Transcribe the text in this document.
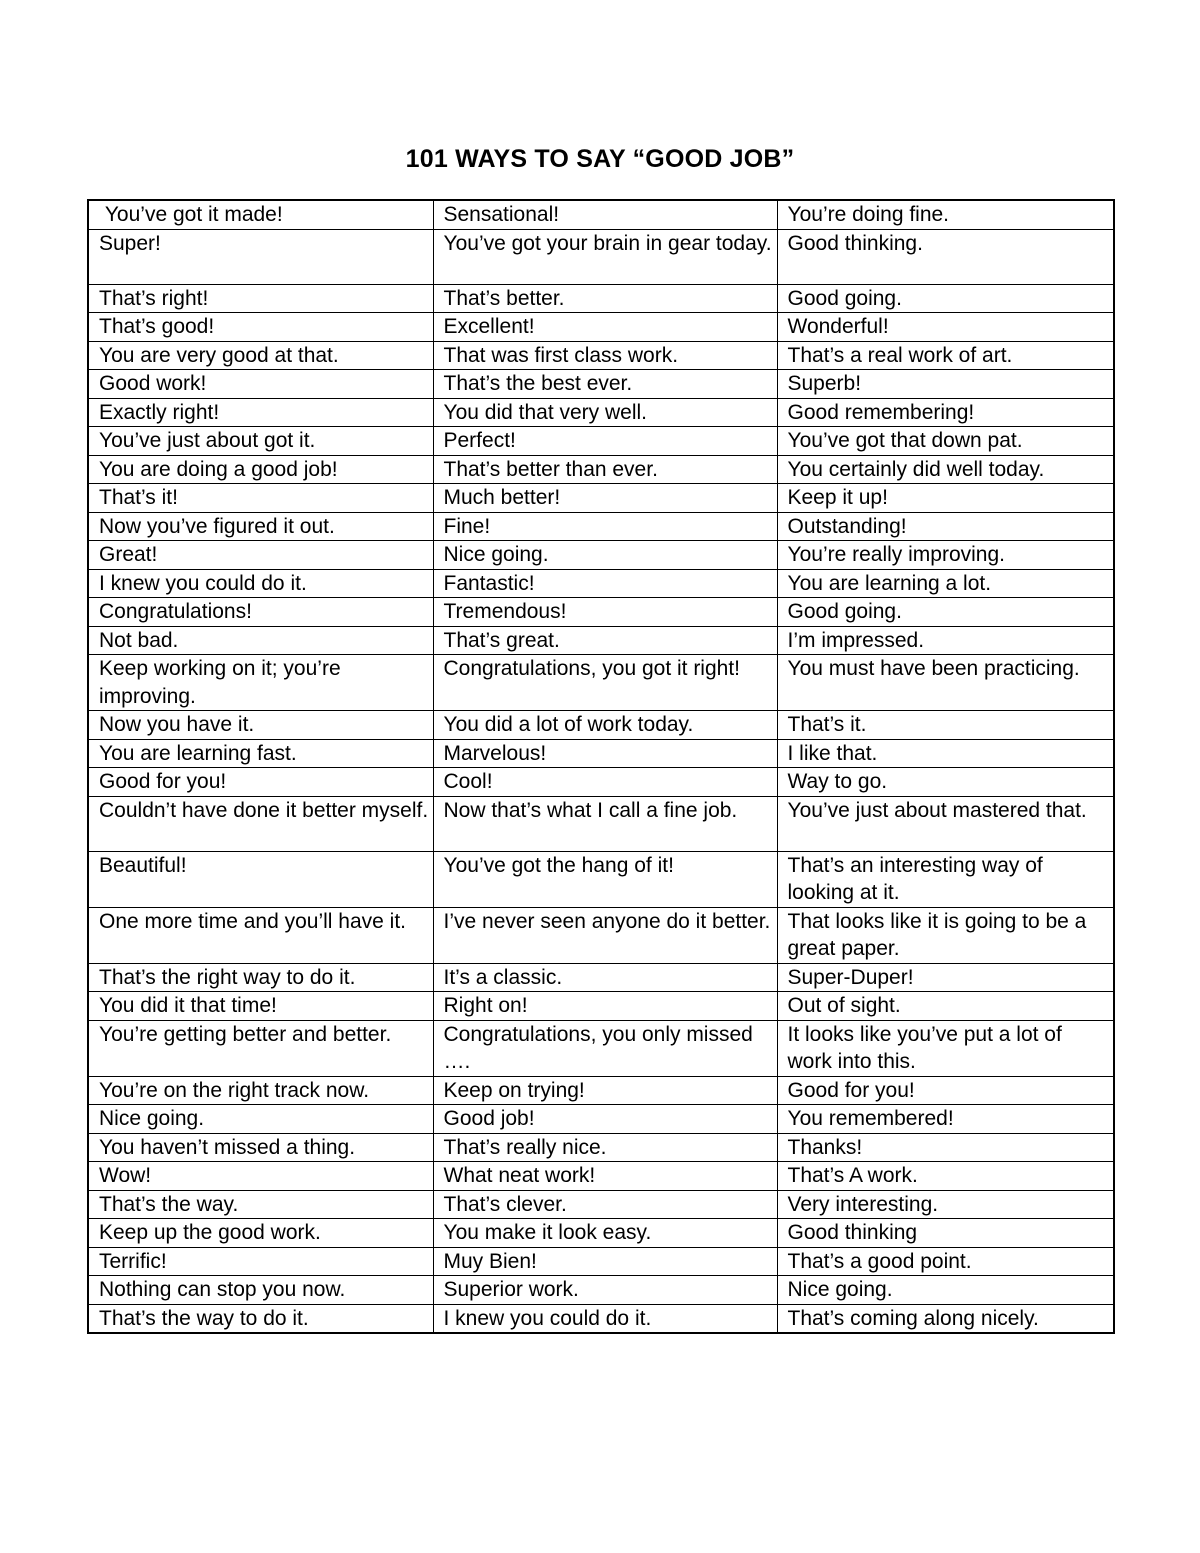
101 WAYS TO SAY “GOOD JOB”
You’ve got it made!	Sensational!	You’re doing fine.
Super!	You’ve got your brain in gear today.	Good thinking.
That’s right!	That’s better.	Good going.
That’s good!	Excellent!	Wonderful!
You are very good at that.	That was first class work.	That’s a real work of art.
Good work!	That’s the best ever.	Superb!
Exactly right!	You did that very well.	Good remembering!
You’ve just about got it.	Perfect!	You’ve got that down pat.
You are doing a good job!	That’s better than ever.	You certainly did well today.
That’s it!	Much better!	Keep it up!
Now you’ve figured it out.	Fine!	Outstanding!
Great!	Nice going.	You’re really improving.
I knew you could do it.	Fantastic!	You are learning a lot.
Congratulations!	Tremendous!	Good going.
Not bad.	That’s great.	I’m impressed.
Keep working on it; you’re improving.	Congratulations, you got it right!	You must have been practicing.
Now you have it.	You did a lot of work today.	That’s it.
You are learning fast.	Marvelous!	I like that.
Good for you!	Cool!	Way to go.
Couldn’t have done it better myself.	Now that’s what I call a fine job.	You’ve just about mastered that.
Beautiful!	You’ve got the hang of it!	That’s an interesting way of looking at it.
One more time and you’ll have it.	I’ve never seen anyone do it better.	That looks like it is going to be a great paper.
That’s the right way to do it.	It’s a classic.	Super-Duper!
You did it that time!	Right on!	Out of sight.
You’re getting better and better.	Congratulations, you only missed ….	It looks like you’ve put a lot of work into this.
You’re on the right track now.	Keep on trying!	Good for you!
Nice going.	Good job!	You remembered!
You haven’t missed a thing.	That’s really nice.	Thanks!
Wow!	What neat work!	That’s A work.
That’s the way.	That’s clever.	Very interesting.
Keep up the good work.	You make it look easy.	Good thinking
Terrific!	Muy Bien!	That’s a good point.
Nothing can stop you now.	Superior work.	Nice going.
That’s the way to do it.	I knew you could do it.	That’s coming along nicely.
